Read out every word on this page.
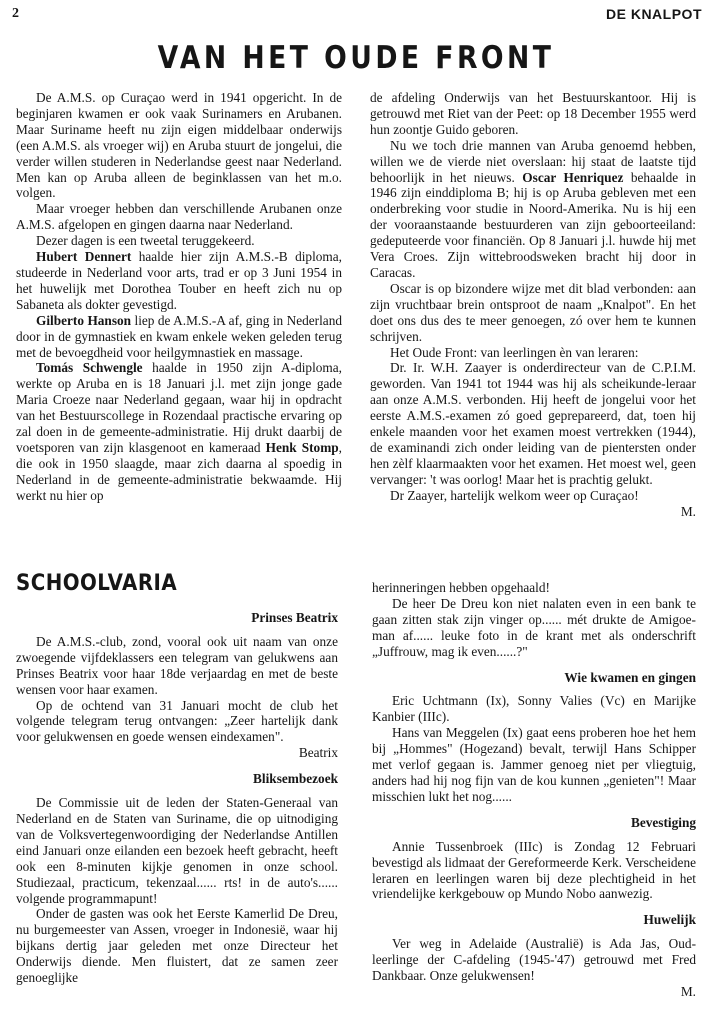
2	DE KNALPOT
VAN HET OUDE FRONT

De A.M.S. op Curaçao werd in 1941 opgericht. In de beginjaren kwamen er ook vaak Surinamers en Arubanen. Maar Suriname heeft nu zijn eigen middelbaar onderwijs (een A.M.S. als vroeger wij) en Aruba stuurt de jongelui, die verder willen studeren in Nederlandse geest naar Nederland. Men kan op Aruba alleen de beginklassen van het m.o. volgen.

Maar vroeger hebben dan verschillende Arubanen onze A.M.S. afgelopen en gingen daarna naar Nederland.

Dezer dagen is een tweetal teruggekeerd.

Hubert Dennert haalde hier zijn A.M.S.-B diploma, studeerde in Nederland voor arts, trad er op 3 Juni 1954 in het huwelijk met Dorothea Touber en heeft zich nu op Sabaneta als dokter gevestigd.

Gilberto Hanson liep de A.M.S.-A af, ging in Nederland door in de gymnastiek en kwam enkele weken geleden terug met de bevoegdheid voor heilgymnastiek en massage.

Tomás Schwengle haalde in 1950 zijn A-diploma, werkte op Aruba en is 18 Januari j.l. met zijn jonge gade Maria Croeze naar Nederland gegaan, waar hij in opdracht van het Bestuurscollege in Rozendaal practische ervaring op zal doen in de gemeente-administratie. Hij drukt daarbij de voetsporen van zijn klasgenoot en kameraad Henk Stomp, die ook in 1950 slaagde, maar zich daarna al spoedig in Nederland in de gemeente-administratie bekwaamde. Hij werkt nu hier op

de afdeling Onderwijs van het Bestuurskantoor. Hij is getrouwd met Riet van der Peet: op 18 December 1955 werd hun zoontje Guido geboren.

Nu we toch drie mannen van Aruba genoemd hebben, willen we de vierde niet overslaan: hij staat de laatste tijd behoorlijk in het nieuws. Oscar Henriquez behaalde in 1946 zijn einddiploma B; hij is op Aruba gebleven met een onderbreking voor studie in Noord-Amerika. Nu is hij een der vooraanstaande bestuurderen van zijn geboorteeiland: gedeputeerde voor financiën. Op 8 Januari j.l. huwde hij met Vera Croes. Zijn wittebroodsweken bracht hij door in Caracas.

Oscar is op bizondere wijze met dit blad verbonden: aan zijn vruchtbaar brein ontsproot de naam „Knalpot". En het doet ons dus des te meer genoegen, zó over hem te kunnen schrijven.

Het Oude Front: van leerlingen èn van leraren:

Dr. Ir. W.H. Zaayer is onderdirecteur van de C.P.I.M. geworden. Van 1941 tot 1944 was hij als scheikunde-leraar aan onze A.M.S. verbonden. Hij heeft de jongelui voor het eerste A.M.S.-examen zó goed geprepareerd, dat, toen hij enkele maanden voor het examen moest vertrekken (1944), de examinandi zich onder leiding van de pientersten onder hen zèlf klaarmaakten voor het examen. Het moest wel, geen vervanger: 't was oorlog! Maar het is prachtig gelukt.

Dr Zaayer, hartelijk welkom weer op Curaçao!

M.

SCHOOLVARIA

Prinses Beatrix

De A.M.S.-club, zond, vooral ook uit naam van onze zwoegende vijfdeklassers een telegram van gelukwens aan Prinses Beatrix voor haar 18de verjaardag en met de beste wensen voor haar examen.

Op de ochtend van 31 Januari mocht de club het volgende telegram terug ontvangen: „Zeer hartelijk dank voor gelukwensen en goede wensen eindexamen".

Beatrix

Bliksembezoek

De Commissie uit de leden der Staten-Generaal van Nederland en de Staten van Suriname, die op uitnodiging van de Volksvertegenwoordiging der Nederlandse Antillen eind Januari onze eilanden een bezoek heeft gebracht, heeft ook een 8-minuten kijkje genomen in onze school. Studiezaal, practicum, tekenzaal...... rts! in de auto's...... volgende programmapunt!

Onder de gasten was ook het Eerste Kamerlid De Dreu, nu burgemeester van Assen, vroeger in Indonesië, waar hij bijkans dertig jaar geleden met onze Directeur het Onderwijs diende. Men fluistert, dat ze samen zeer genoeglijke

herinneringen hebben opgehaald!

De heer De Dreu kon niet nalaten even in een bank te gaan zitten stak zijn vinger op...... mét drukte de Amigoe-man af...... leuke foto in de krant met als onderschrift „Juffrouw, mag ik even......?"

Wie kwamen en gingen

Eric Uchtmann (Ix), Sonny Valies (Vc) en Marijke Kanbier (IIIc).

Hans van Meggelen (Ix) gaat eens proberen hoe het hem bij „Hommes" (Hogezand) bevalt, terwijl Hans Schipper met verlof gegaan is. Jammer genoeg niet per vliegtuig, anders had hij nog fijn van de kou kunnen „genieten"! Maar misschien lukt het nog......

Bevestiging

Annie Tussenbroek (IIIc) is Zondag 12 Februari bevestigd als lidmaat der Gereformeerde Kerk. Verscheidene leraren en leerlingen waren bij deze plechtigheid in het vriendelijke kerkgebouw op Mundo Nobo aanwezig.

Huwelijk

Ver weg in Adelaide (Australië) is Ada Jas, Oud-leerlinge der C-afdeling (1945-'47) getrouwd met Fred Dankbaar. Onze gelukwensen!

M.
